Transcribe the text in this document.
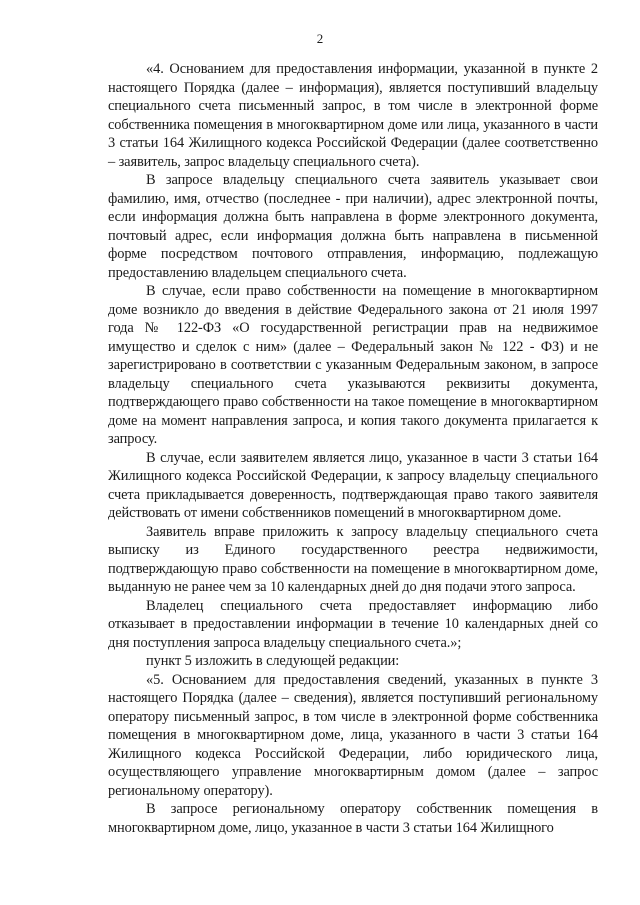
2

«4. Основанием для предоставления информации, указанной в пункте 2 настоящего Порядка (далее – информация), является поступивший владельцу специального счета письменный запрос, в том числе в электронной форме собственника помещения в многоквартирном доме или лица, указанного в части 3 статьи 164 Жилищного кодекса Российской Федерации (далее соответственно – заявитель, запрос владельцу специального счета).

В запросе владельцу специального счета заявитель указывает свои фамилию, имя, отчество (последнее - при наличии), адрес электронной почты, если информация должна быть направлена в форме электронного документа, почтовый адрес, если информация должна быть направлена в письменной форме посредством почтового отправления, информацию, подлежащую предоставлению владельцем специального счета.

В случае, если право собственности на помещение в многоквартирном доме возникло до введения в действие Федерального закона от 21 июля 1997 года № 122-ФЗ «О государственной регистрации прав на недвижимое имущество и сделок с ним» (далее – Федеральный закон № 122 - ФЗ) и не зарегистрировано в соответствии с указанным Федеральным законом, в запросе владельцу специального счета указываются реквизиты документа, подтверждающего право собственности на такое помещение в многоквартирном доме на момент направления запроса, и копия такого документа прилагается к запросу.

В случае, если заявителем является лицо, указанное в части 3 статьи 164 Жилищного кодекса Российской Федерации, к запросу владельцу специального счета прикладывается доверенность, подтверждающая право такого заявителя действовать от имени собственников помещений в многоквартирном доме.

Заявитель вправе приложить к запросу владельцу специального счета выписку из Единого государственного реестра недвижимости, подтверждающую право собственности на помещение в многоквартирном доме, выданную не ранее чем за 10 календарных дней до дня подачи этого запроса.

Владелец специального счета предоставляет информацию либо отказывает в предоставлении информации в течение 10 календарных дней со дня поступления запроса владельцу специального счета.»;

пункт 5 изложить в следующей редакции:

«5. Основанием для предоставления сведений, указанных в пункте 3 настоящего Порядка (далее – сведения), является поступивший региональному оператору письменный запрос, в том числе в электронной форме собственника помещения в многоквартирном доме, лица, указанного в части 3 статьи 164 Жилищного кодекса Российской Федерации, либо юридического лица, осуществляющего управление многоквартирным домом (далее – запрос региональному оператору).

В запросе региональному оператору собственник помещения в многоквартирном доме, лицо, указанное в части 3 статьи 164 Жилищного
